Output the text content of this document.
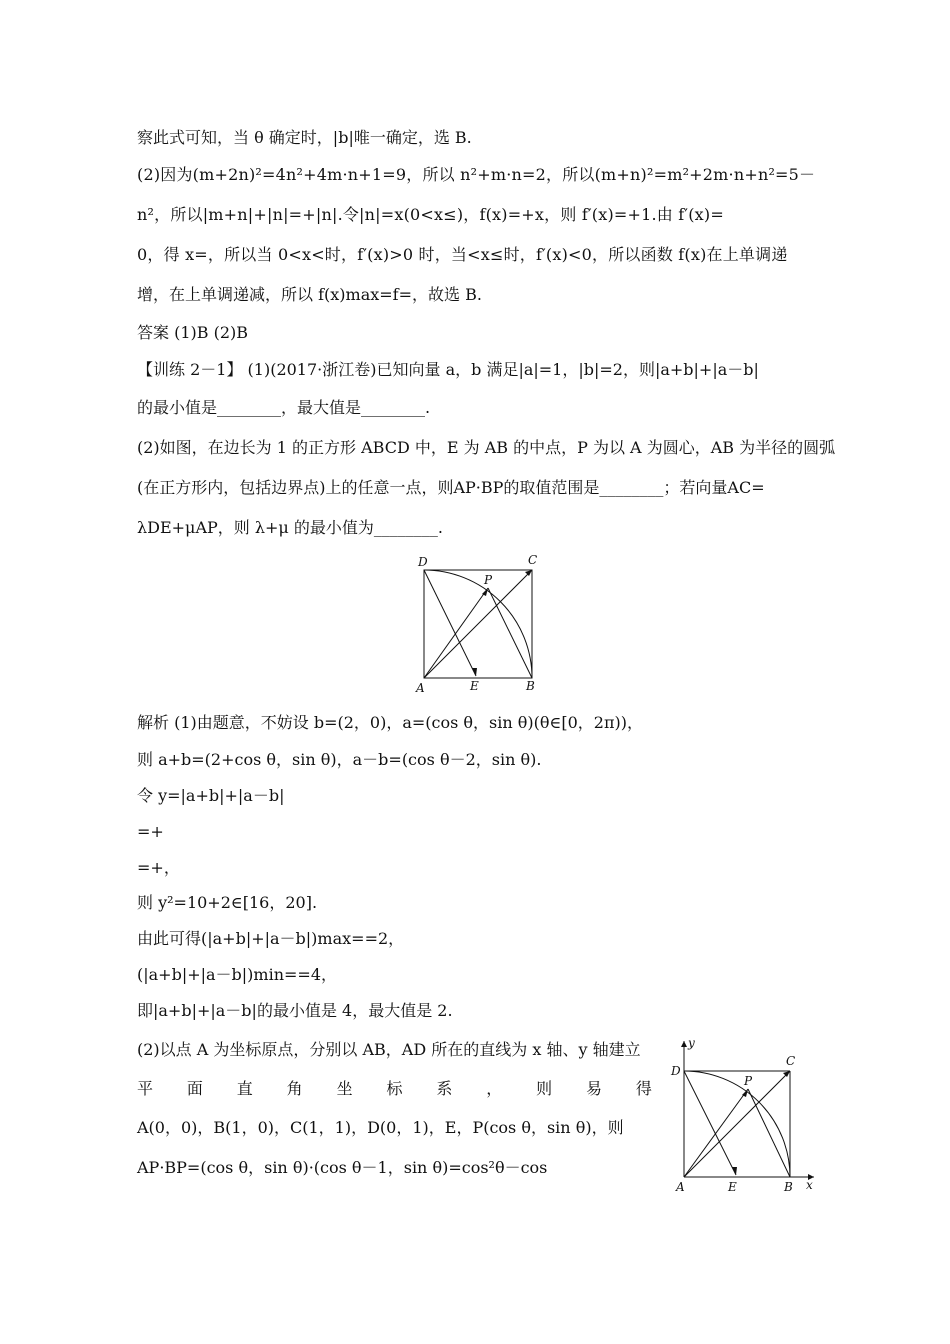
察此式可知，当 θ 确定时，|b|唯一确定，选 B.
(2)因为(m+2n)²=4n²+4m·n+1=9，所以 n²+m·n=2，所以(m+n)²=m²+2m·n+n²=5－
n²，所以|m+n|+|n|=+|n|.令|n|=x(0<x≤)，f(x)=+x，则 f′(x)=+1.由 f′(x)=
0，得 x=，所以当 0<x<时，f′(x)>0 时，当<x≤时，f′(x)<0，所以函数 f(x)在上单调递
增，在上单调递减，所以 f(x)max=f=，故选 B.
答案 (1)B (2)B
【训练 2－1】 (1)(2017·浙江卷)已知向量 a，b 满足|a|=1，|b|=2，则|a+b|+|a－b|
的最小值是________，最大值是________.
(2)如图，在边长为 1 的正方形 ABCD 中，E 为 AB 的中点，P 为以 A 为圆心，AB 为半径的圆弧
(在正方形内，包括边界点)上的任意一点，则AP·BP的取值范围是________；若向量AC=
λDE+μAP，则 λ+μ 的最小值为________.
D	C
P
A	E	B
解析 (1)由题意，不妨设 b=(2，0)，a=(cos θ，sin θ)(θ∈[0，2π))，
则 a+b=(2+cos θ，sin θ)，a－b=(cos θ－2，sin θ).
令 y=|a+b|+|a－b|
=+
=+，
则 y²=10+2∈[16，20].
由此可得(|a+b|+|a－b|)max==2，
(|a+b|+|a－b|)min==4，
即|a+b|+|a－b|的最小值是 4，最大值是 2.
(2)以点 A 为坐标原点，分别以 AB，AD 所在的直线为 x 轴、y 轴建立
平 面 直 角 坐 标 系 ， 则 易 得
A(0，0)，B(1，0)，C(1，1)，D(0，1)，E，P(cos θ，sin θ)，则
AP·BP=(cos θ，sin θ)·(cos θ－1，sin θ)=cos²θ－cos
y
D
C
P
A	E	B x
